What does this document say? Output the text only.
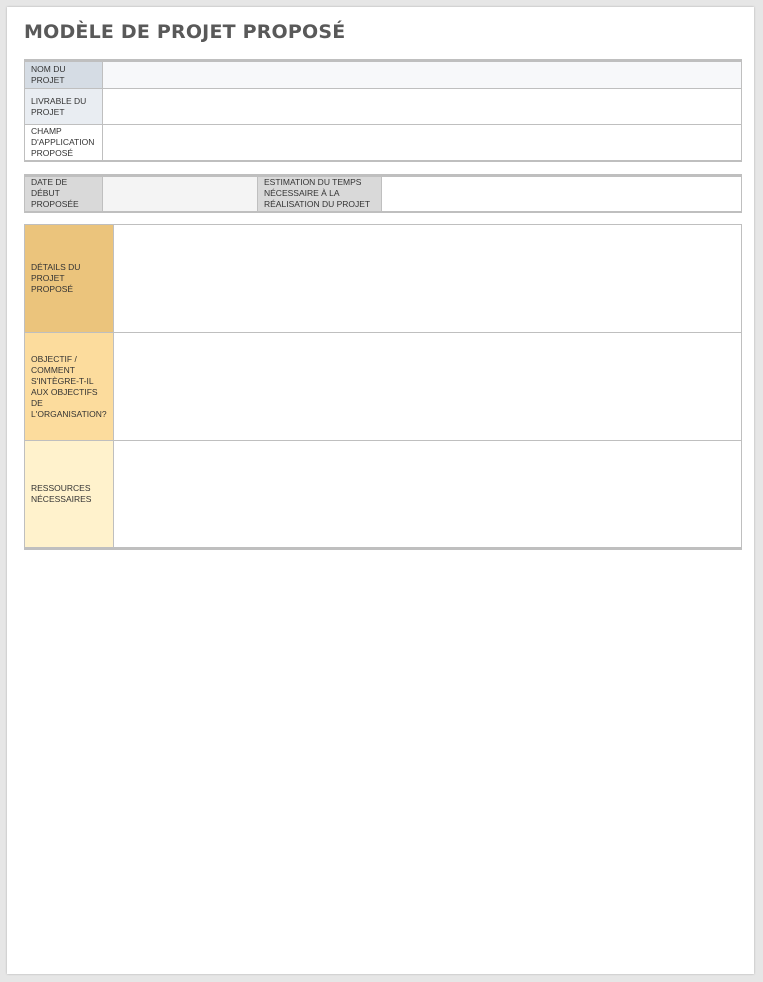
MODÈLE DE PROJET PROPOSÉ
NOM DU PROJET	
LIVRABLE DU PROJET	
CHAMP D'APPLICATION PROPOSÉ	
DATE DE DÉBUT PROPOSÉE		ESTIMATION DU TEMPS NÉCESSAIRE À LA RÉALISATION DU PROJET	
DÉTAILS DU PROJET PROPOSÉ	
OBJECTIF / COMMENT S'INTÈGRE-T-IL AUX OBJECTIFS DE L'ORGANISATION?	
RESSOURCES NÉCESSAIRES	
